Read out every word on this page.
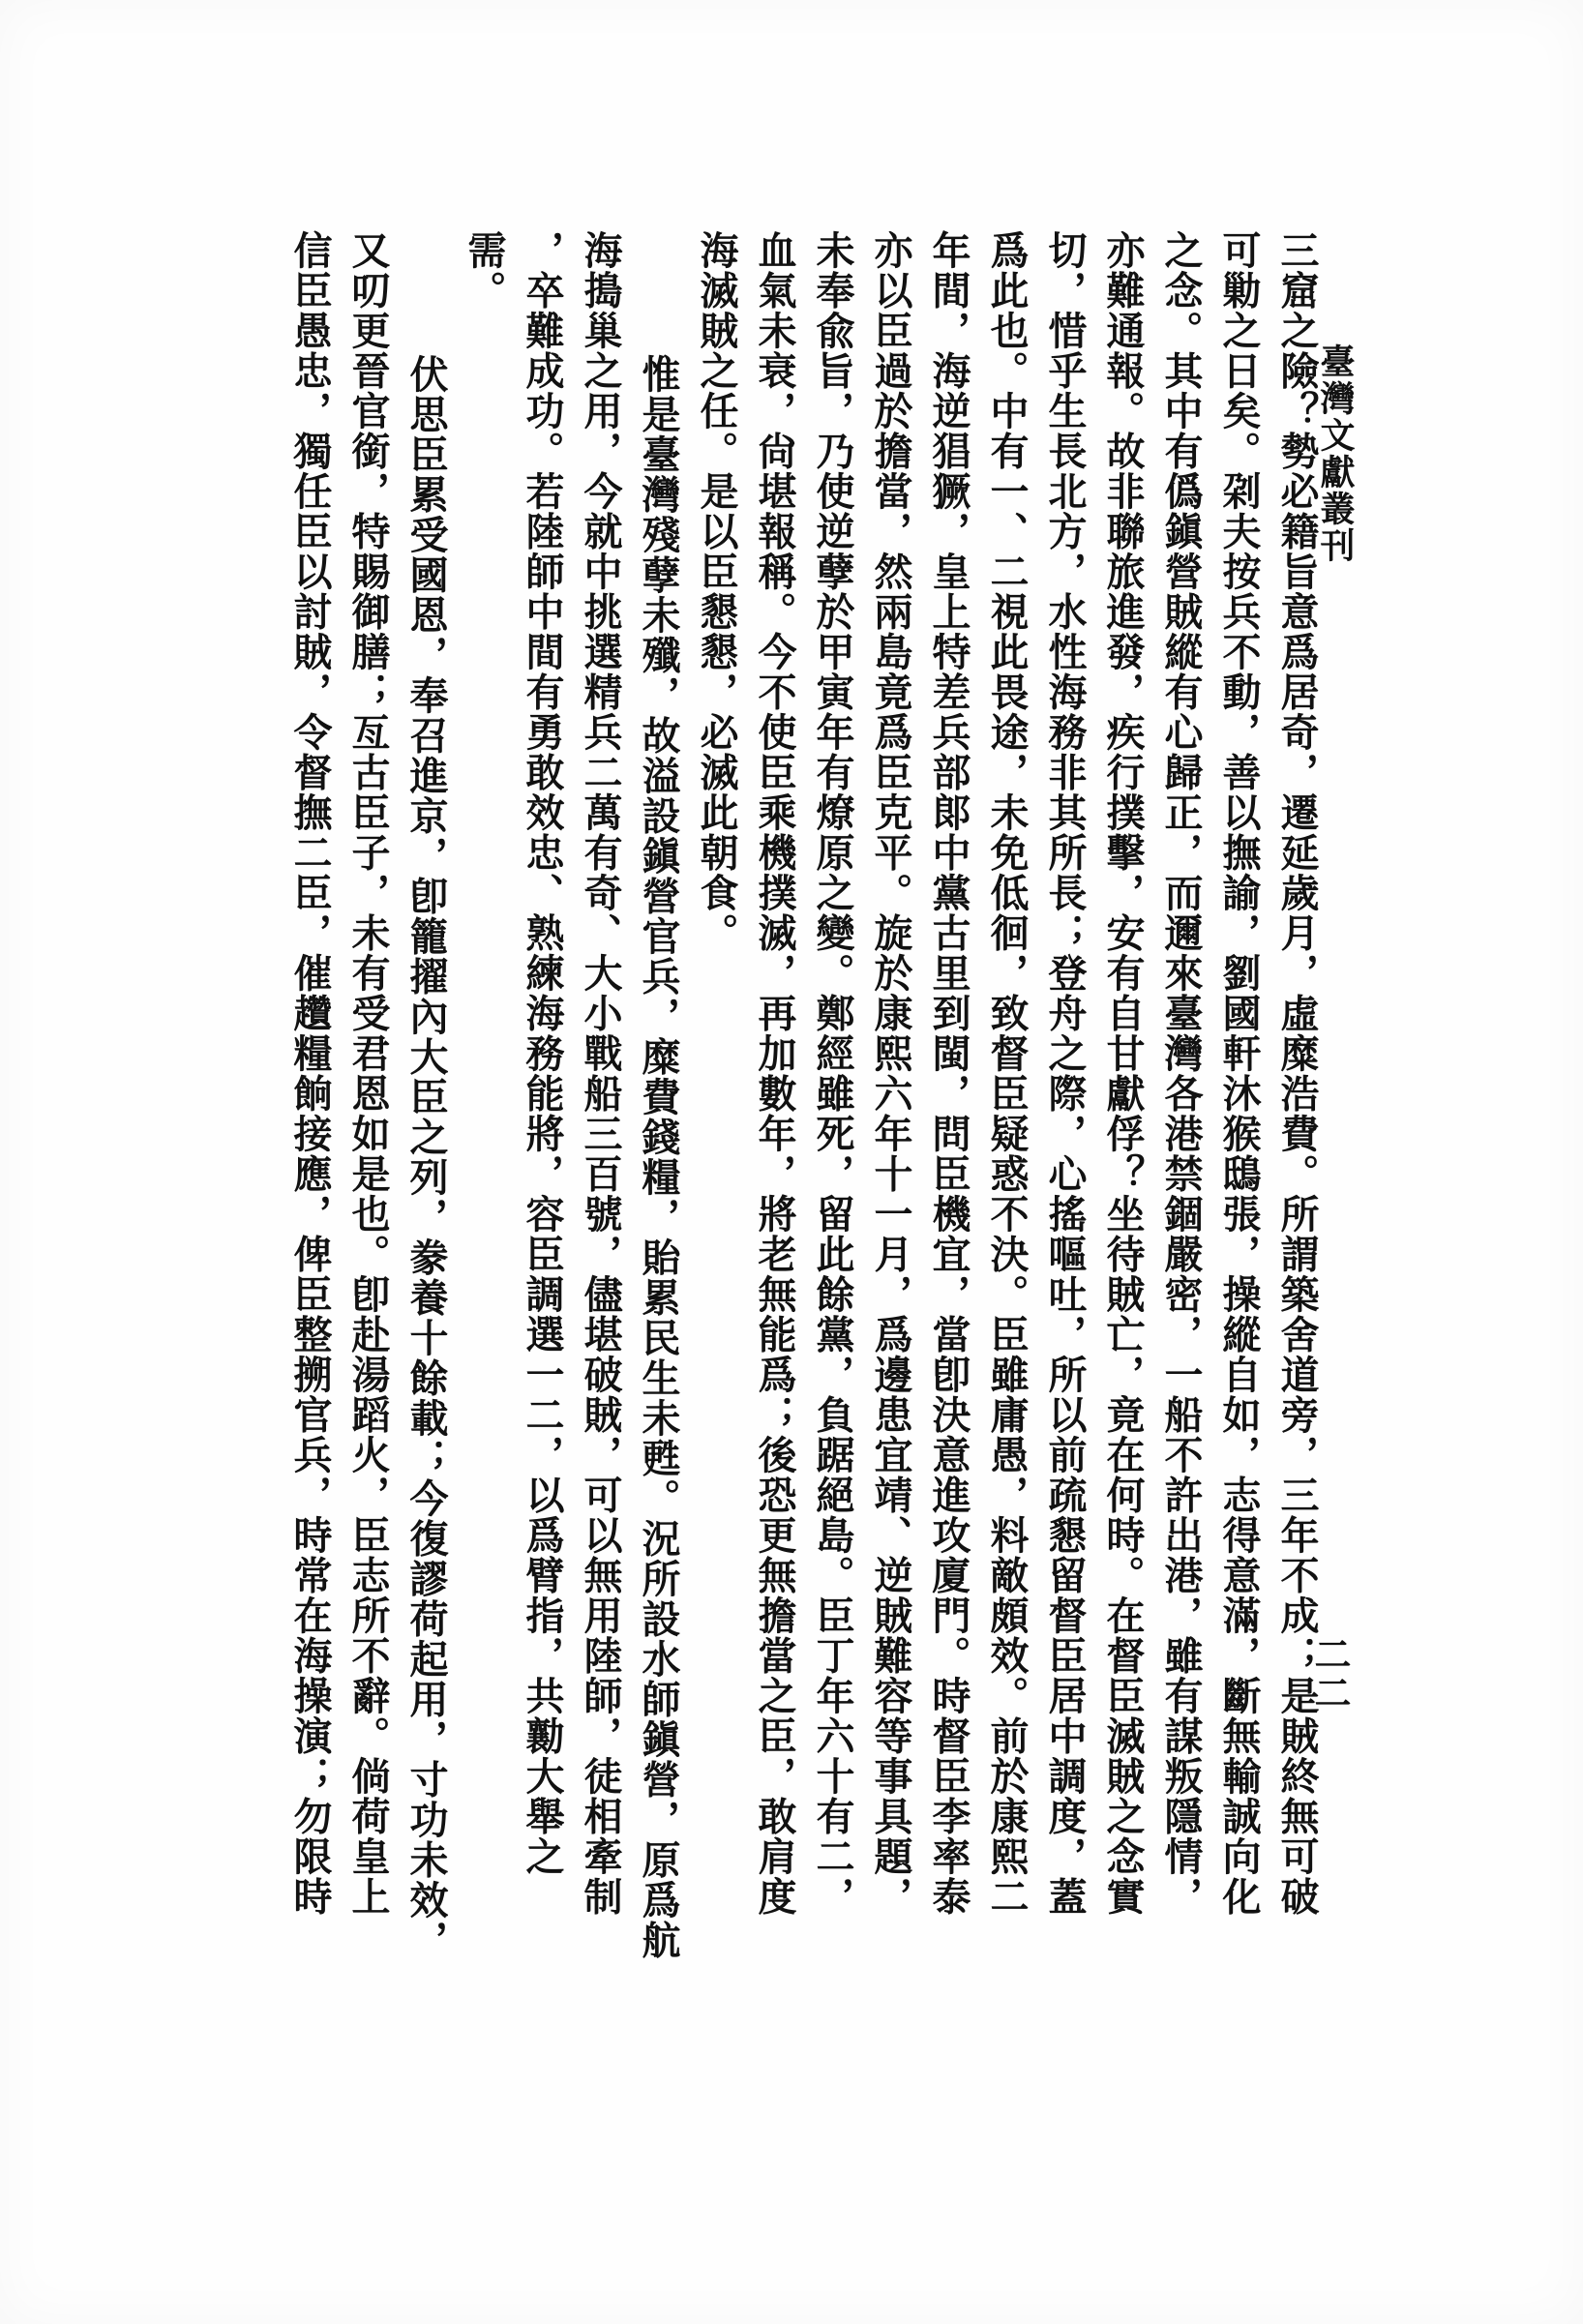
臺灣文獻叢刊
二二
三窟之險？勢必籍旨意爲居奇，遷延歲月，虛糜浩費。所謂築舍道旁，三年不成；是賊終無可破
可勦之日矣。刴夫按兵不動，善以撫諭，劉國軒沐猴鴟張，操縱自如，志得意滿，斷無輸誠向化
之念。其中有僞鎭營賊縱有心歸正，而邇來臺灣各港禁錮嚴密，一船不許出港，雖有謀叛隱情，
亦難通報。故非聯旅進發，疾行撲擊，安有自甘獻俘？坐待賊亡，竟在何時。在督臣滅賊之念實
切，惜乎生長北方，水性海務非其所長；登舟之際，心搖嘔吐，所以前疏懇留督臣居中調度，蓋
爲此也。中有一、二視此畏途，未免低徊，致督臣疑惑不決。臣雖庸愚，料敵頗效。前於康熙二
年間，海逆猖獗，皇上特差兵部郞中黨古里到閩，問臣機宜，當卽決意進攻廈門。時督臣李率泰
亦以臣過於擔當，然兩島竟爲臣克平。旋於康熙六年十一月，爲邊患宜靖、逆賊難容等事具題，
未奉兪旨，乃使逆孽於甲寅年有燎原之變。鄭經雖死，留此餘黨，負踞絕島。臣丁年六十有二，
血氣未衰，尙堪報稱。今不使臣乘機撲滅，再加數年，將老無能爲；後恐更無擔當之臣，敢肩度
海滅賊之任。是以臣懇懇，必滅此朝食。
惟是臺灣殘孽未殲，故溢設鎭營官兵，糜費錢糧，貽累民生未甦。況所設水師鎭營，原爲航
海搗巢之用，今就中挑選精兵二萬有奇、大小戰船三百號，儘堪破賊，可以無用陸師，徒相牽制
，卒難成功。若陸師中間有勇敢效忠、熟練海務能將，容臣調選一二，以爲臂指，共勷大舉之
需。
伏思臣累受國恩，奉召進京，卽籠擢內大臣之列，豢養十餘載；今復謬荷起用，寸功未效，
又叨更晉官銜，特賜御膳；亙古臣子，未有受君恩如是也。卽赴湯蹈火，臣志所不辭。倘荷皇上
信臣愚忠，獨任臣以討賊，令督撫二臣，催趲糧餉接應，俾臣整搠官兵，時常在海操演；勿限時
